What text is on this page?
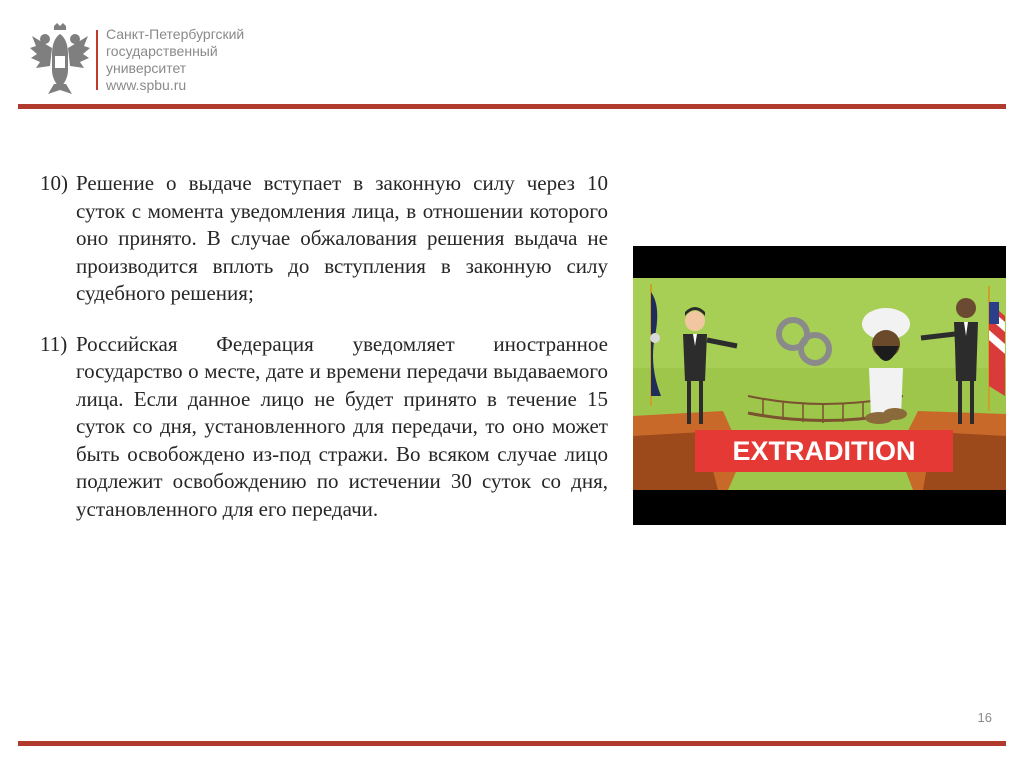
Санкт-Петербургский
государственный
университет
www.spbu.ru
10) Решение о выдаче вступает в законную силу через 10 суток с момента уведомления лица, в отношении которого оно принято. В случае обжалования решения выдача не производится вплоть до вступления в законную силу судебного решения;
11) Российская Федерация уведомляет иностранное государство о месте, дате и времени передачи выдаваемого лица. Если данное лицо не будет принято в течение 15 суток со дня, установленного для передачи, то оно может быть освобождено из-под стражи. Во всяком случае лицо подлежит освобождению по истечении 30 суток со дня, установленного для его передачи.
EXTRADITION
16
